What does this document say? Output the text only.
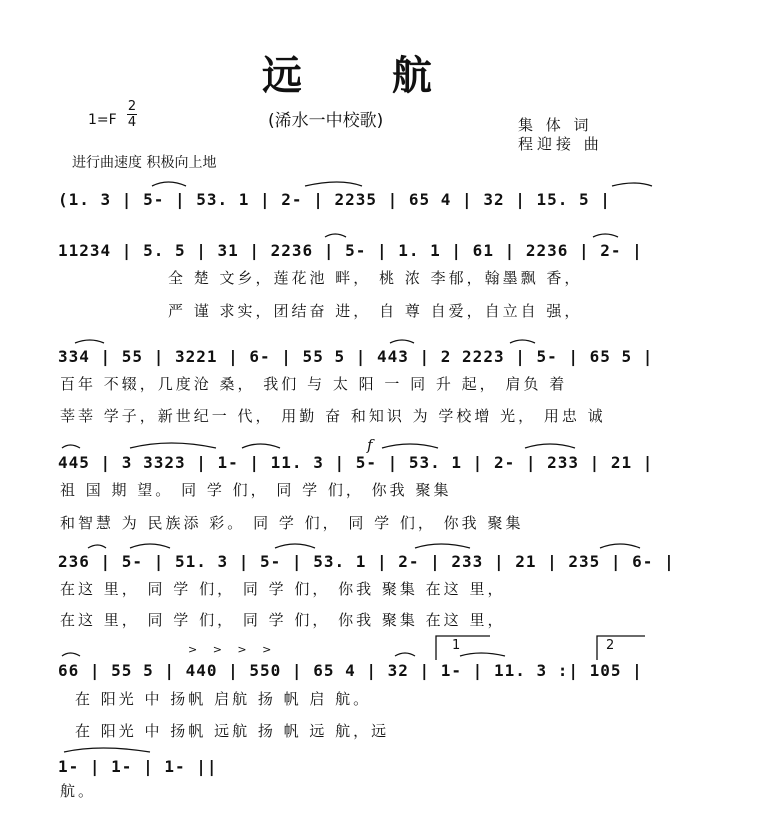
远 航
(浠水一中校歌)
1=F
2
4	集 体 词
程迎接 曲
进行曲速度 积极向上地
(1. 3 | 5- | 53. 1 | 2- | 2235 | 65 4 | 32 | 15. 5 |
11234 | 5. 5 | 31 | 2236 | 5- | 1. 1 | 61 | 2236 | 2- |
全 楚 文乡，莲花池 畔， 桃 浓 李郁，翰墨飘 香，
严 谨 求实，团结奋 进， 自 尊 自爱，自立自 强，
334 | 55 | 3221 | 6- | 55 5 | 443 | 2 2223 | 5- | 65 5 |
百年 不辍，几度沧 桑， 我们 与 太 阳 一 同 升 起， 肩负 着
莘莘 学子，新世纪一 代， 用勤 奋 和知识 为 学校增 光， 用忠 诚
445 | 3 3323 | 1- | 11. 3 | 5- | 53. 1 | 2- | 233 | 21 |
祖 国 期 望。 同 学 们， 同 学 们， 你我 聚集
和智慧 为 民族添 彩。 同 学 们， 同 学 们， 你我 聚集
236 | 5- | 51. 3 | 5- | 53. 1 | 2- | 233 | 21 | 235 | 6- |
在这 里， 同 学 们， 同 学 们， 你我 聚集 在这 里，
在这 里， 同 学 们， 同 学 们， 你我 聚集 在这 里，
66 | 55 5 | 440 | 550 | 65 4 | 32 | 1- | 11. 3 :| 105 |
在 阳光 中 扬帆 启航 扬 帆 启 航。
在 阳光 中 扬帆 远航 扬 帆 远 航，远
1- | 1- | 1- ||
航。
f
> > > >	1	2
